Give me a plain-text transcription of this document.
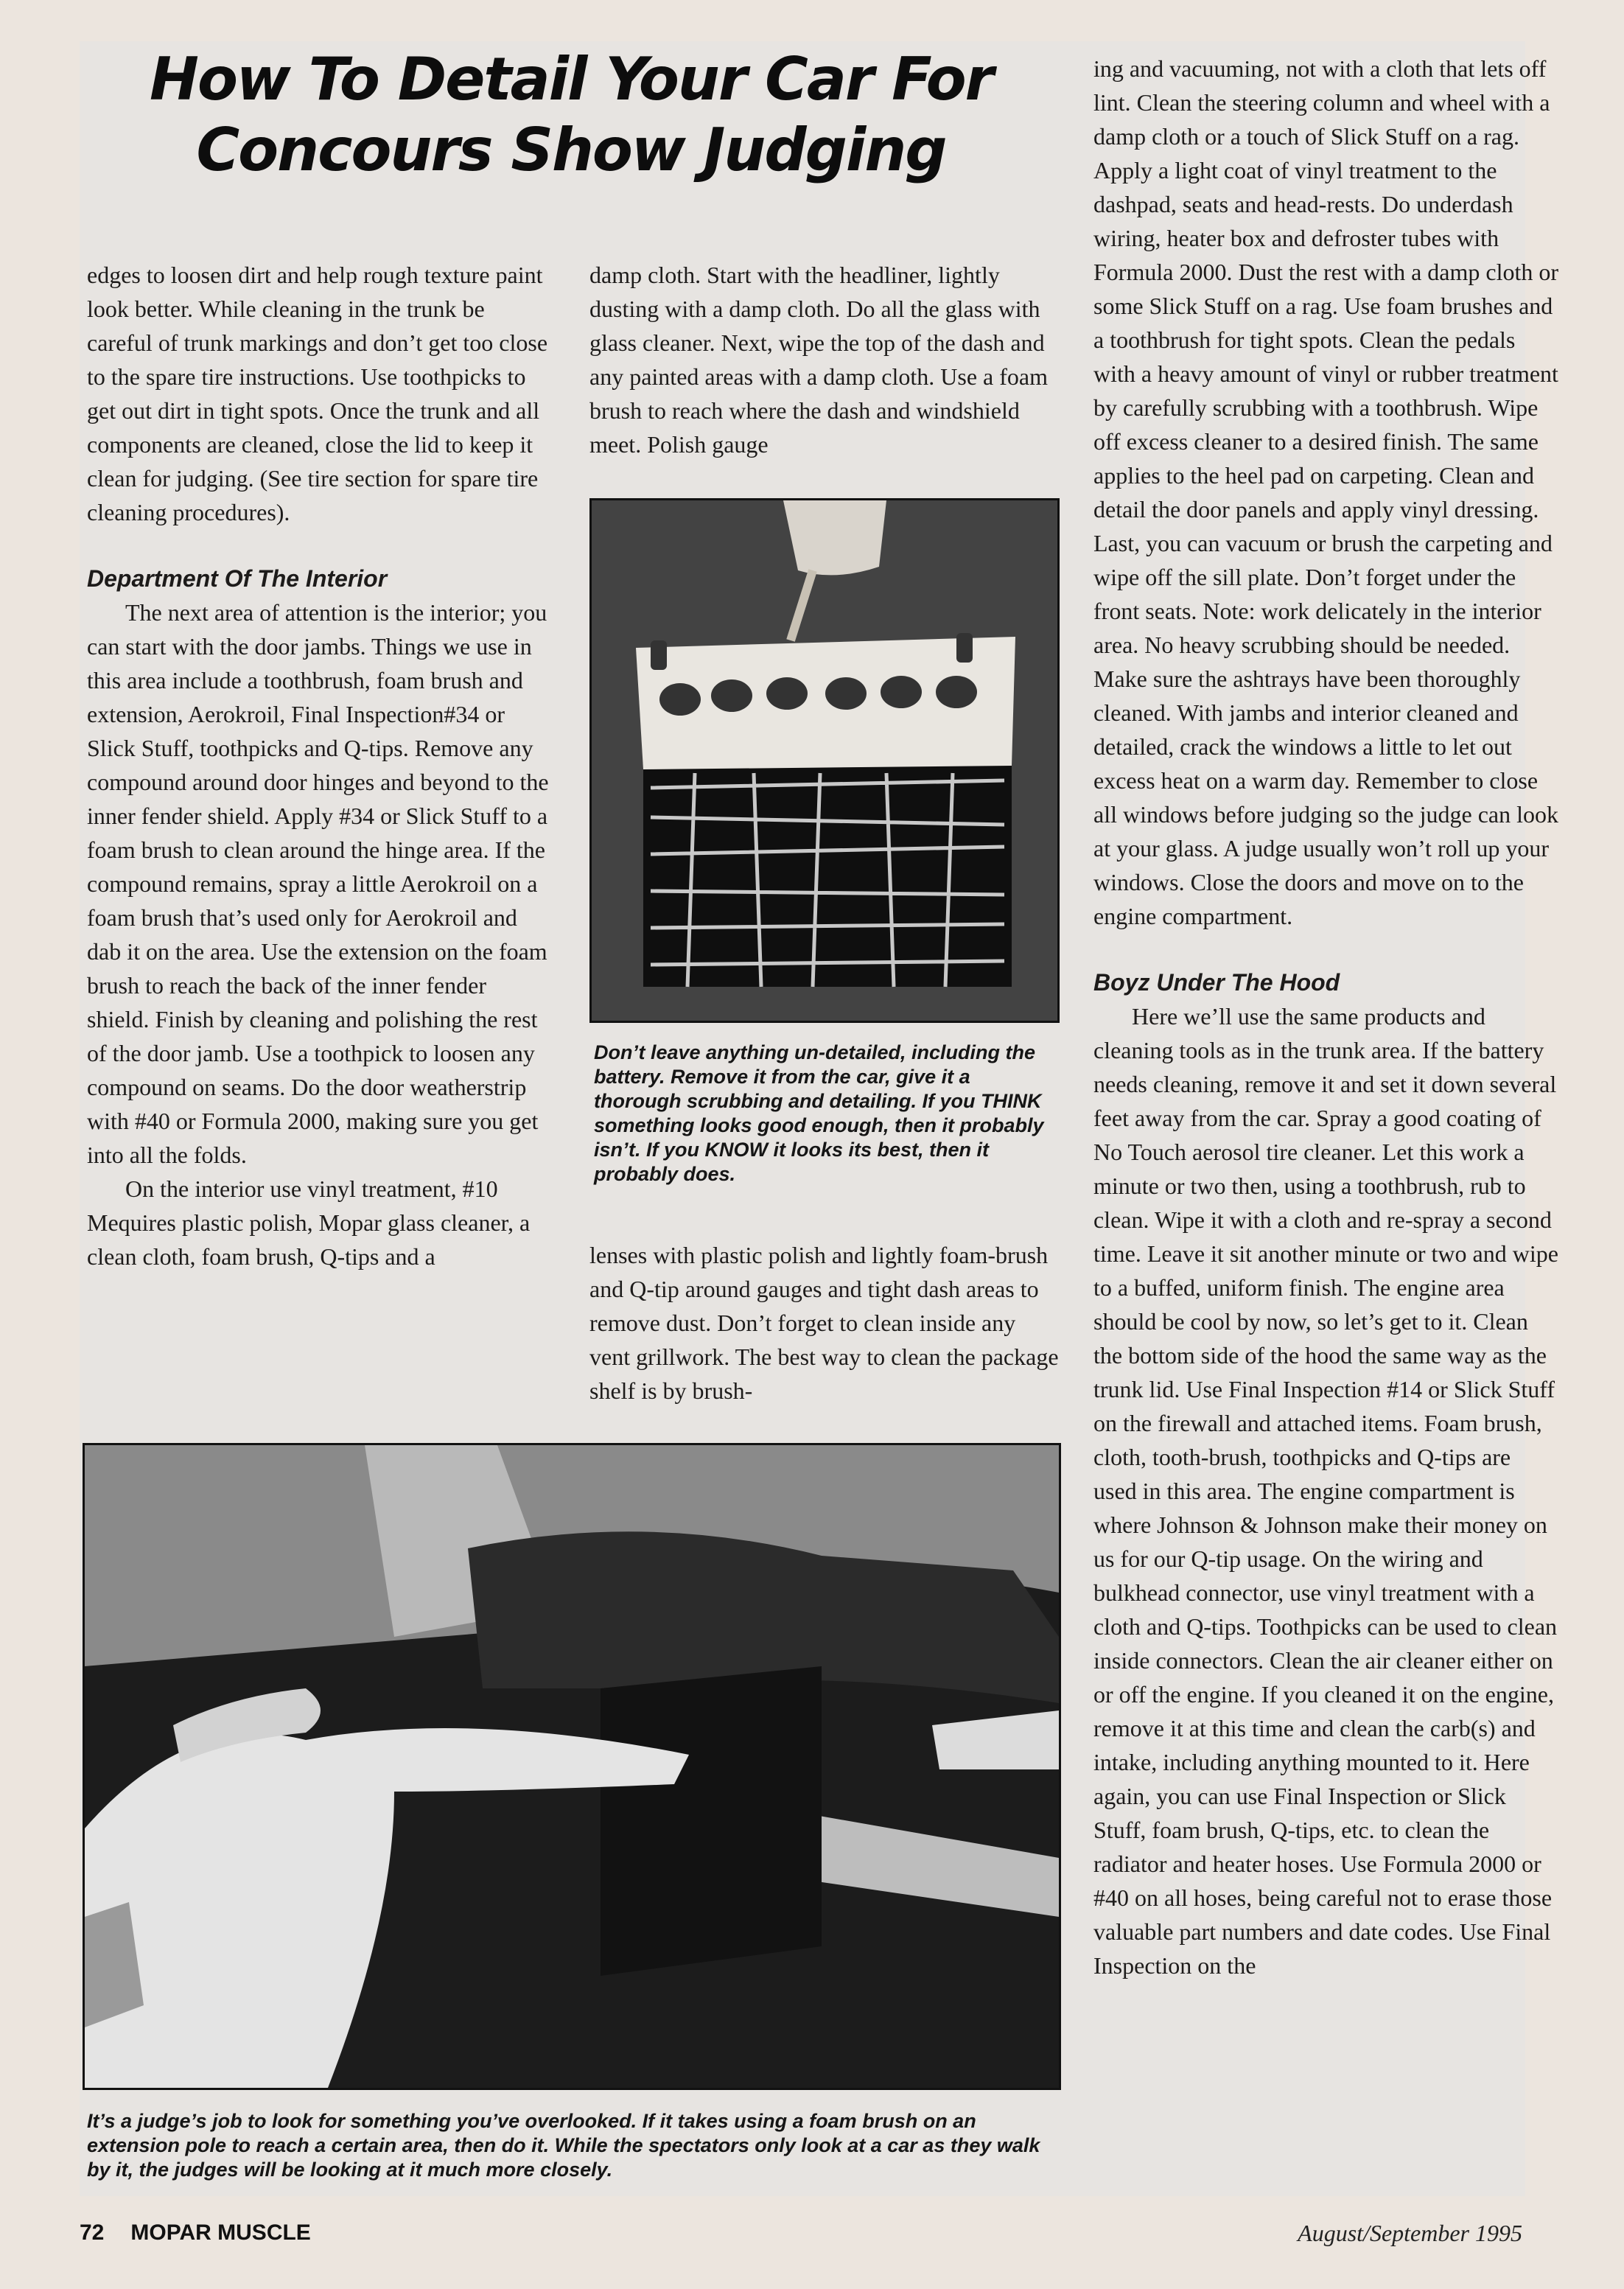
How To Detail Your Car For
Concours Show Judging

edges to loosen dirt and help rough texture paint look better. While cleaning in the trunk be careful of trunk markings and don’t get too close to the spare tire instructions. Use toothpicks to get out dirt in tight spots. Once the trunk and all components are cleaned, close the lid to keep it clean for judging. (See tire section for spare tire cleaning procedures).

Department Of The Interior

The next area of attention is the interior; you can start with the door jambs. Things we use in this area include a toothbrush, foam brush and extension, Aerokroil, Final Inspection#34 or Slick Stuff, toothpicks and Q-tips. Remove any compound around door hinges and beyond to the inner fender shield. Apply #34 or Slick Stuff to a foam brush to clean around the hinge area. If the compound remains, spray a little Aerokroil on a foam brush that’s used only for Aerokroil and dab it on the area. Use the extension on the foam brush to reach the back of the inner fender shield. Finish by cleaning and polishing the rest of the door jamb. Use a toothpick to loosen any compound on seams. Do the door weatherstrip with #40 or Formula 2000, making sure you get into all the folds.

On the interior use vinyl treatment, #10 Mequires plastic polish, Mopar glass cleaner, a clean cloth, foam brush, Q-tips and a

damp cloth. Start with the headliner, lightly dusting with a damp cloth. Do all the glass with glass cleaner. Next, wipe the top of the dash and any painted areas with a damp cloth. Use a foam brush to reach where the dash and windshield meet. Polish gauge

Don’t leave anything un-detailed, including the battery. Remove it from the car, give it a thorough scrubbing and detailing. If you THINK something looks good enough, then it probably isn’t. If you KNOW it looks its best, then it probably does.

lenses with plastic polish and lightly foam-brush and Q-tip around gauges and tight dash areas to remove dust. Don’t forget to clean inside any vent grillwork. The best way to clean the package shelf is by brush-

ing and vacuuming, not with a cloth that lets off lint. Clean the steering column and wheel with a damp cloth or a touch of Slick Stuff on a rag. Apply a light coat of vinyl treatment to the dashpad, seats and head-rests. Do underdash wiring, heater box and defroster tubes with Formula 2000. Dust the rest with a damp cloth or some Slick Stuff on a rag. Use foam brushes and a toothbrush for tight spots. Clean the pedals with a heavy amount of vinyl or rubber treatment by carefully scrubbing with a toothbrush. Wipe off excess cleaner to a desired finish. The same applies to the heel pad on carpeting. Clean and detail the door panels and apply vinyl dressing. Last, you can vacuum or brush the carpeting and wipe off the sill plate. Don’t forget under the front seats. Note: work delicately in the interior area. No heavy scrubbing should be needed. Make sure the ashtrays have been thoroughly cleaned. With jambs and interior cleaned and detailed, crack the windows a little to let out excess heat on a warm day. Remember to close all windows before judging so the judge can look at your glass. A judge usually won’t roll up your windows. Close the doors and move on to the engine compartment.

Boyz Under The Hood

Here we’ll use the same products and cleaning tools as in the trunk area. If the battery needs cleaning, remove it and set it down several feet away from the car. Spray a good coating of No Touch aerosol tire cleaner. Let this work a minute or two then, using a toothbrush, rub to clean. Wipe it with a cloth and re-spray a second time. Leave it sit another minute or two and wipe to a buffed, uniform finish. The engine area should be cool by now, so let’s get to it. Clean the bottom side of the hood the same way as the trunk lid. Use Final Inspection #14 or Slick Stuff on the firewall and attached items. Foam brush, cloth, tooth-brush, toothpicks and Q-tips are used in this area. The engine compartment is where Johnson & Johnson make their money on us for our Q-tip usage. On the wiring and bulkhead connector, use vinyl treatment with a cloth and Q-tips. Toothpicks can be used to clean inside connectors. Clean the air cleaner either on or off the engine. If you cleaned it on the engine, remove it at this time and clean the carb(s) and intake, including anything mounted to it. Here again, you can use Final Inspection or Slick Stuff, foam brush, Q-tips, etc. to clean the radiator and heater hoses. Use Formula 2000 or #40 on all hoses, being careful not to erase those valuable part numbers and date codes. Use Final Inspection on the

It’s a judge’s job to look for something you’ve overlooked. If it takes using a foam brush on an extension pole to reach a certain area, then do it. While the spectators only look at a car as they walk by it, the judges will be looking at it much more closely.
72 MOPAR MUSCLE	August/September 1995
